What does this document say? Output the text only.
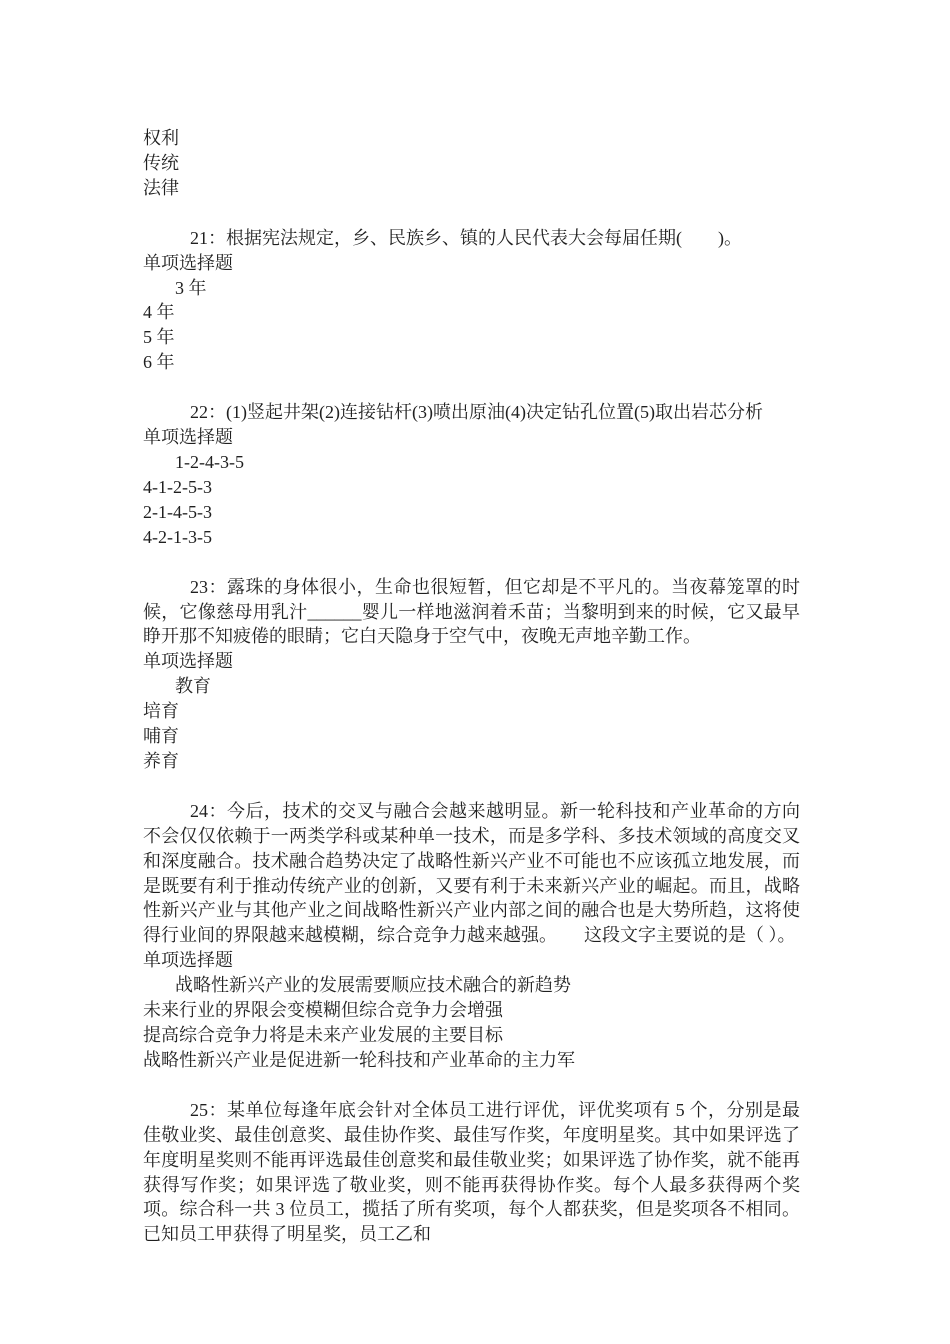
权利

传统

法律

21：根据宪法规定，乡、民族乡、镇的人民代表大会每届任期(　　)。

单项选择题

3 年

4 年

5 年

6 年

22：(1)竖起井架(2)连接钻杆(3)喷出原油(4)决定钻孔位置(5)取出岩芯分析

单项选择题

1-2-4-3-5

4-1-2-5-3

2-1-4-5-3

4-2-1-3-5

23：露珠的身体很小，生命也很短暂，但它却是不平凡的。当夜幕笼罩的时候，它像慈母用乳汁______婴儿一样地滋润着禾苗；当黎明到来的时候，它又最早睁开那不知疲倦的眼睛；它白天隐身于空气中，夜晚无声地辛勤工作。

单项选择题

教育

培育

哺育

养育

24：今后，技术的交叉与融合会越来越明显。新一轮科技和产业革命的方向不会仅仅依赖于一两类学科或某种单一技术，而是多学科、多技术领域的高度交叉和深度融合。技术融合趋势决定了战略性新兴产业不可能也不应该孤立地发展，而是既要有利于推动传统产业的创新，又要有利于未来新兴产业的崛起。而且，战略性新兴产业与其他产业之间战略性新兴产业内部之间的融合也是大势所趋，这将使得行业间的界限越来越模糊，综合竞争力越来越强。　　这段文字主要说的是（ ）。

单项选择题

战略性新兴产业的发展需要顺应技术融合的新趋势

未来行业的界限会变模糊但综合竞争力会增强

提高综合竞争力将是未来产业发展的主要目标

战略性新兴产业是促进新一轮科技和产业革命的主力军

25：某单位每逢年底会针对全体员工进行评优，评优奖项有 5 个，分别是最佳敬业奖、最佳创意奖、最佳协作奖、最佳写作奖，年度明星奖。其中如果评选了年度明星奖则不能再评选最佳创意奖和最佳敬业奖；如果评选了协作奖，就不能再获得写作奖；如果评选了敬业奖，则不能再获得协作奖。每个人最多获得两个奖项。综合科一共 3 位员工，揽括了所有奖项，每个人都获奖，但是奖项各不相同。已知员工甲获得了明星奖，员工乙和
